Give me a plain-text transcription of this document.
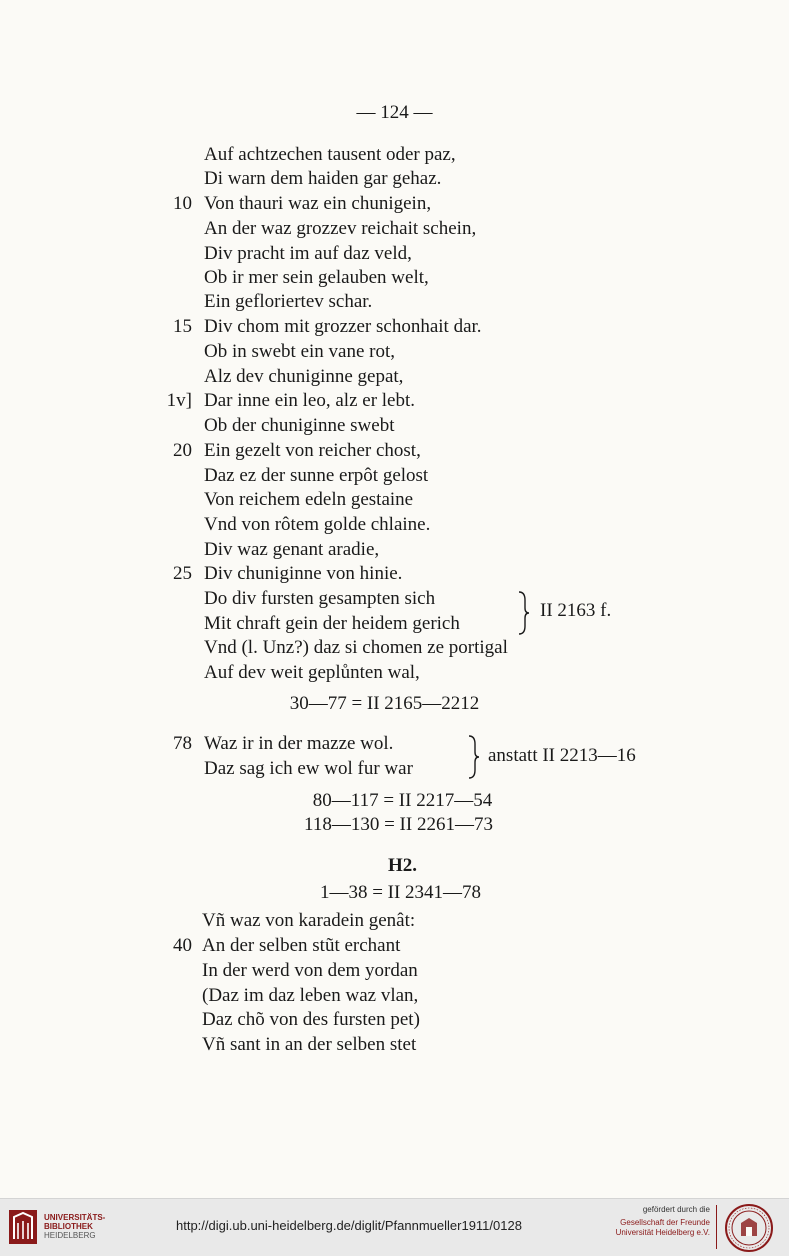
— 124 —
Auf achtzechen tausent oder paz,
Di warn dem haiden gar gehaz.
10 Von thauri waz ein chunigein,
An der waz grozzev reichait schein,
Div pracht im auf daz veld,
Ob ir mer sein gelauben welt,
Ein gefloriertev schar.
15 Div chom mit grozzer schonhait dar.
Ob in swebt ein vane rot,
Alz dev chuniginne gepat,
1v] Dar inne ein leo, alz er lebt.
Ob der chuniginne swebt
20 Ein gezelt von reicher chost,
Daz ez der sunne erpôt gelost
Von reichem edeln gestaine
Vnd von rôtem golde chlaine.
Div waz genant aradie,
25 Div chuniginne von hinie.
Do div fursten gesampten sich
Mit chraft gein der heidem gerich
Vnd (l. Unz?) daz si chomen ze portigal
Auf dev weit geplůnten wal,
II 2163 f.
30—77 = II 2165—2212
78 Waz ir in der mazze wol.
Daz sag ich ew wol fur war
anstatt II 2213—16
80—117 = II 2217—54
118—130 = II 2261—73
H2.
1—38 = II 2341—78
Vñ waz von karadein genât:
40 An der selben stũt erchant
In der werd von dem yordan
(Daz im daz leben waz vlan,
Daz chõ von des fursten pet)
Vñ sant in an der selben stet
UNIVERSITÄTS-
BIBLIOTHEK
HEIDELBERG
http://digi.ub.uni-heidelberg.de/diglit/Pfannmueller1911/0128
gefördert durch die
Gesellschaft der Freunde
Universität Heidelberg e.V.
